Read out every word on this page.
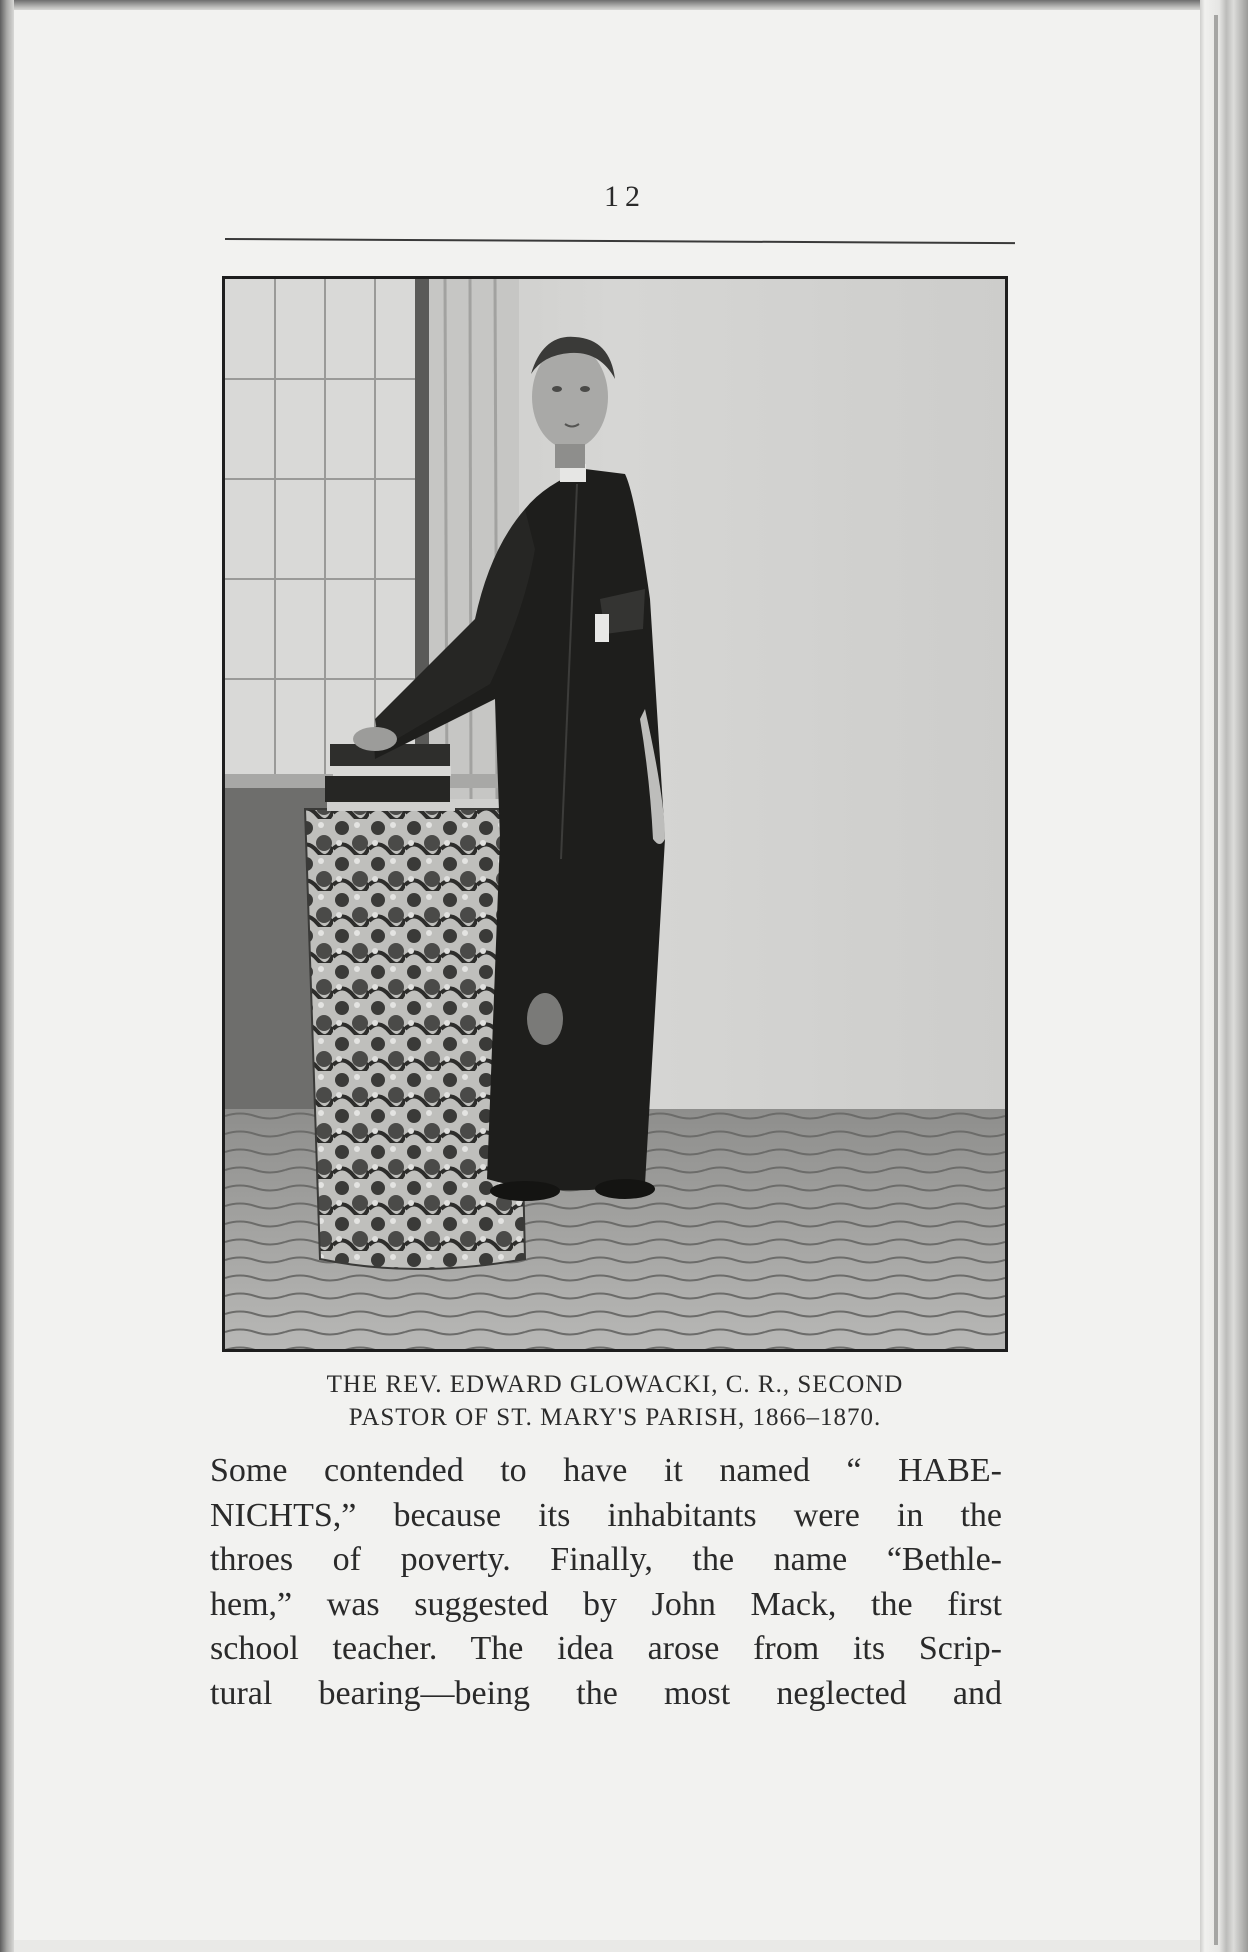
12
THE REV. EDWARD GLOWACKI, C. R., SECOND
PASTOR OF ST. MARY'S PARISH, 1866–1870.
Some contended to have it named “ HABE-
NICHTS,” because its inhabitants were in the
throes of poverty. Finally, the name “Bethle-
hem,” was suggested by John Mack, the first
school teacher. The idea arose from its Scrip-
tural bearing—being the most neglected and
